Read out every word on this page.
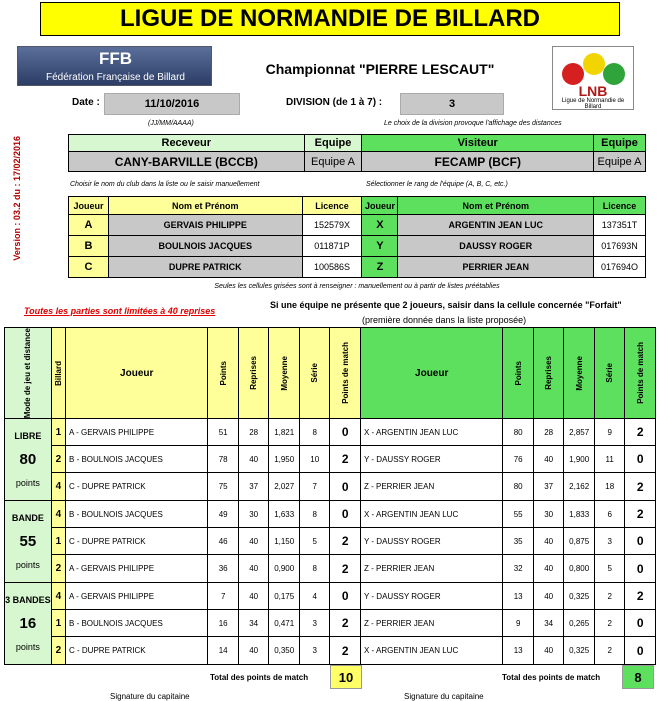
LIGUE DE NORMANDIE DE BILLARD
FFB
Fédération Française de Billard	Championnat "PIERRE LESCAUT"
LNB
Ligue de Normandie de Billard
Date :	11/10/2016
(JJ/MM/AAAA)
DIVISION (de 1 à 7) :	3
Le choix de la division provoque l'affichage des distances
Version : 03.2 du : 17/02/2016	Receveur	Equipe	Visiteur	Equipe
CANY-BARVILLE (BCCB)	Equipe A	FECAMP (BCF)	Equipe A
Choisir le nom du club dans la liste ou le saisir manuellement	Sélectionner le rang de l'équipe (A, B, C, etc.)
Joueur	Nom et Prénom	Licence	Joueur	Nom et Prénom	Licence
A	GERVAIS PHILIPPE	152579X	X	ARGENTIN JEAN LUC	137351T
B	BOULNOIS JACQUES	011871P	Y	DAUSSY ROGER	017693N
C	DUPRE PATRICK	100586S	Z	PERRIER JEAN	017694O
Seules les cellules grisées sont à renseigner : manuellement ou à partir de listes préétablies
Toutes les parties sont limitées à 40 reprises
Si une équipe ne présente que 2 joueurs, saisir dans la cellule concernée "Forfait"
(première donnée dans la liste proposée)
Mode de jeu et distance	Billard	Joueur	Points	Reprises	Moyenne	Série	Points de match	Joueur	Points	Reprises	Moyenne	Série	Points de match

LIBRE
80
points	1	A - GERVAIS PHILIPPE	51	28	1,821	8	0	X - ARGENTIN JEAN LUC	80	28	2,857	9	2
	2	B - BOULNOIS JACQUES	78	40	1,950	10	2	Y - DAUSSY ROGER	76	40	1,900	11	0
	4	C - DUPRE PATRICK	75	37	2,027	7	0	Z - PERRIER JEAN	80	37	2,162	18	2

BANDE
55
points	4	B - BOULNOIS JACQUES	49	30	1,633	8	0	X - ARGENTIN JEAN LUC	55	30	1,833	6	2
	1	C - DUPRE PATRICK	46	40	1,150	5	2	Y - DAUSSY ROGER	35	40	0,875	3	0
	2	A - GERVAIS PHILIPPE	36	40	0,900	8	2	Z - PERRIER JEAN	32	40	0,800	5	0

3 BANDES
16
points	4	A - GERVAIS PHILIPPE	7	40	0,175	4	0	Y - DAUSSY ROGER	13	40	0,325	2	2
	1	B - BOULNOIS JACQUES	16	34	0,471	3	2	Z - PERRIER JEAN	9	34	0,265	2	0
	2	C - DUPRE PATRICK	14	40	0,350	3	2	X - ARGENTIN JEAN LUC	13	40	0,325	2	0
Total des points de match	10	Total des points de match	8
Signature du capitaine	Signature du capitaine
